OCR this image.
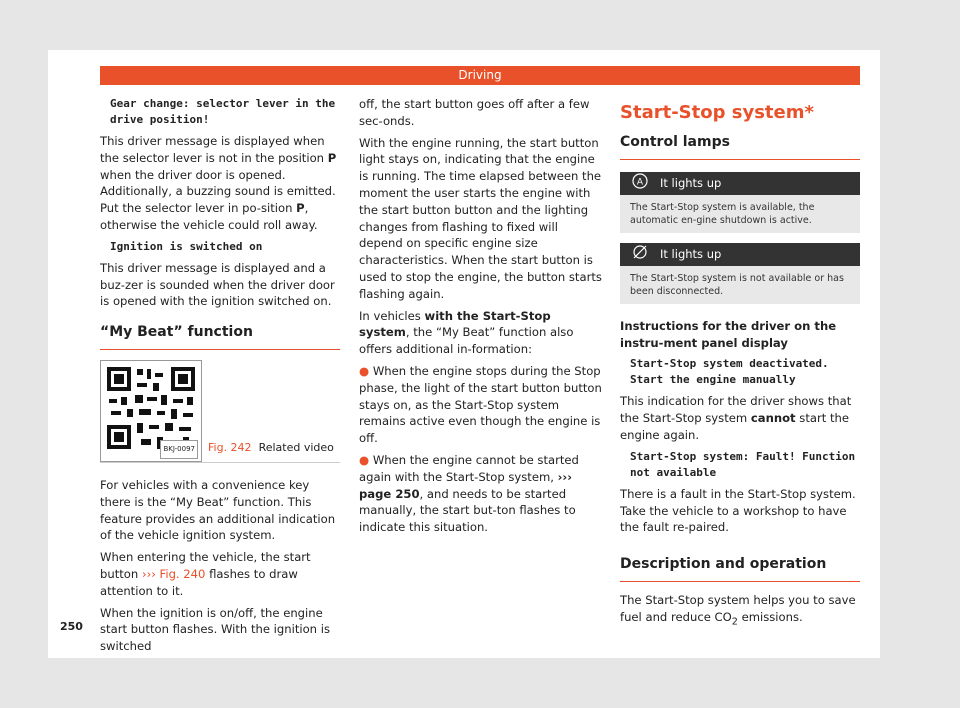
Driving
Gear change: selector lever in the drive position!

This driver message is displayed when the selector lever is not in the position P when the driver door is opened. Additionally, a buzzing sound is emitted. Put the selector lever in po-sition P, otherwise the vehicle could roll away.

Ignition is switched on

This driver message is displayed and a buz-zer is sounded when the driver door is opened with the ignition switched on.

“My Beat” function
BKJ-0097 Fig. 242 Related video

For vehicles with a convenience key there is the “My Beat” function. This feature provides an additional indication of the vehicle ignition system.

When entering the vehicle, the start button ››› Fig. 240 flashes to draw attention to it.

When the ignition is on/off, the engine start button flashes. With the ignition is switched

off, the start button goes off after a few sec-onds.

With the engine running, the start button light stays on, indicating that the engine is running. The time elapsed between the moment the user starts the engine with the start button button and the lighting changes from flashing to fixed will depend on specific engine size characteristics. When the start button is used to stop the engine, the button starts flashing again.

In vehicles with the Start-Stop system, the “My Beat” function also offers additional in-formation:

● When the engine stops during the Stop phase, the light of the start button button stays on, as the Start-Stop system remains active even though the engine is off.

● When the engine cannot be started again with the Start-Stop system, ››› page 250, and needs to be started manually, the start but-ton flashes to indicate this situation.

Start-Stop system*
Control lamps
A It lights up
The Start-Stop system is available, the automatic en-gine shutdown is active.
It lights up
The Start-Stop system is not available or has been disconnected.

Instructions for the driver on the instru-ment panel display

Start-Stop system deactivated. Start the engine manually

This indication for the driver shows that the Start-Stop system cannot start the engine again.

Start-Stop system: Fault! Function not available

There is a fault in the Start-Stop system. Take the vehicle to a workshop to have the fault re-paired.

Description and operation

The Start-Stop system helps you to save fuel and reduce $CO_2$ emissions.

250
